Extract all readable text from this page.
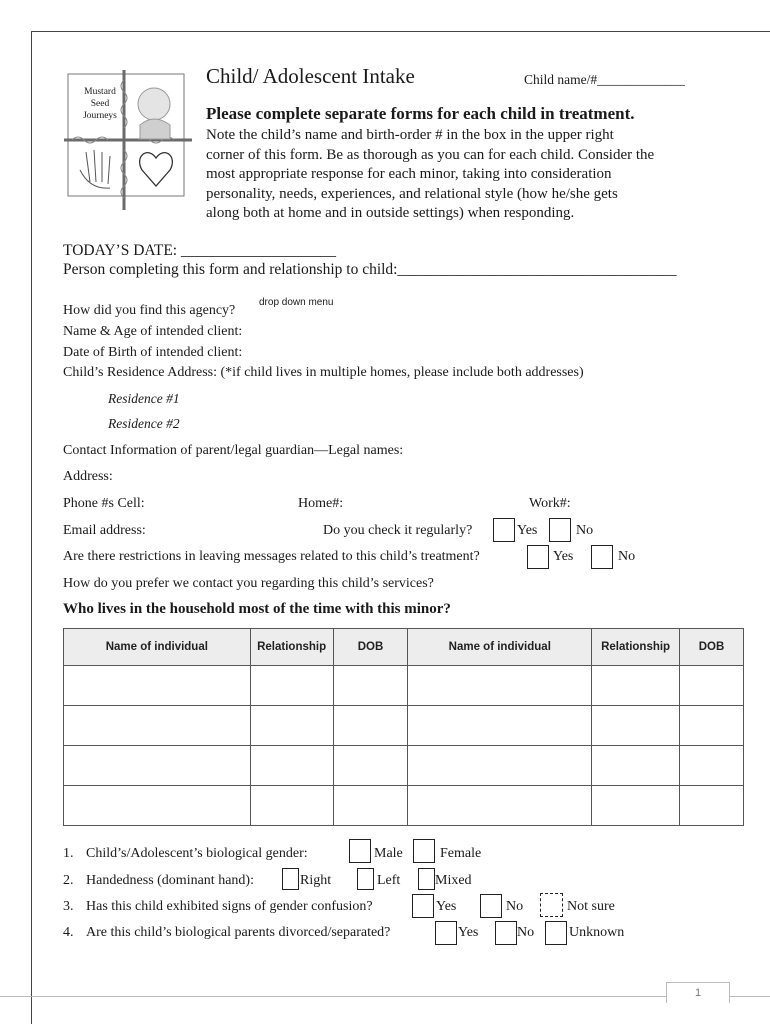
Mustard
Seed
Journeys
Child/ Adolescent Intake	Child name/#_____________
Please complete separate forms for each child in treatment.
Note the child’s name and birth-order # in the box in the upper right
corner of this form. Be as thorough as you can for each child. Consider the
most appropriate response for each minor, taking into consideration
personality, needs, experiences, and relational style (how he/she gets
along both at home and in outside settings) when responding.
TODAY’S DATE: ____________________
Person completing this form and relationship to child:____________________________________
How did you find this agency?
drop down menu
Name & Age of intended client:
Date of Birth of intended client:
Child’s Residence Address: (*if child lives in multiple homes, please include both addresses)
Residence #1
Residence #2
Contact Information of parent/legal guardian—Legal names:
Address:
Phone #s Cell:	Home#:	Work#:
Email address:	Do you check it regularly?	Yes	No
Are there restrictions in leaving messages related to this child’s treatment?	Yes	No
How do you prefer we contact you regarding this child’s services?
Who lives in the household most of the time with this minor?
Name of individual	Relationship	DOB	Name of individual	Relationship	DOB

1. Child’s/Adolescent’s biological gender:	Male	Female
2. Handedness (dominant hand):	Right	Left Mixed
3. Has this child exhibited signs of gender confusion?	Yes	No	Not sure
4. Are this child’s biological parents divorced/separated?	Yes	No Unknown
1
